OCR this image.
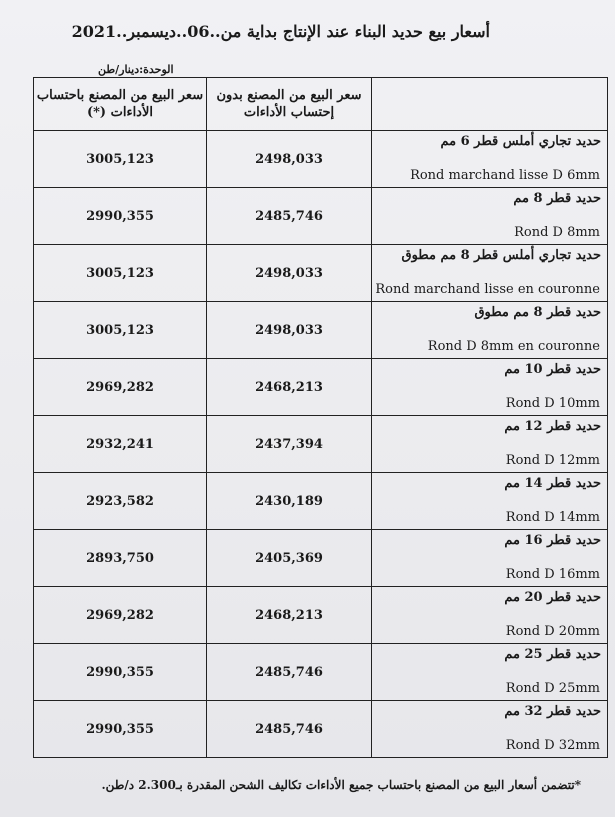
أسعار بيع حديد البناء عند الإنتاج بداية من..06..ديسمبر..2021
الوحدة:دينار/طن
سعر البيع من المصنع باحتساب الأداءات (*)	سعر البيع من المصنع بدون إحتساب الأداءات	
3005,123	2498,033	حديد تجاري أملس قطر 6 مم
Rond marchand lisse D 6mm

2990,355	2485,746	حديد قطر 8 مم
Rond D 8mm

3005,123	2498,033	حديد تجاري أملس قطر 8 مم مطوق
Rond marchand lisse en couronne

3005,123	2498,033	حديد قطر 8 مم مطوق
Rond D 8mm en couronne

2969,282	2468,213	حديد قطر 10 مم
Rond D 10mm

2932,241	2437,394	حديد قطر 12 مم
Rond D 12mm

2923,582	2430,189	حديد قطر 14 مم
Rond D 14mm

2893,750	2405,369	حديد قطر 16 مم
Rond D 16mm

2969,282	2468,213	حديد قطر 20 مم
Rond D 20mm

2990,355	2485,746	حديد قطر 25 مم
Rond D 25mm

2990,355	2485,746	حديد قطر 32 مم
Rond D 32mm
*تتضمن أسعار البيع من المصنع باحتساب جميع الأداءات تكاليف الشحن المقدرة بـ2.300 د/طن.
